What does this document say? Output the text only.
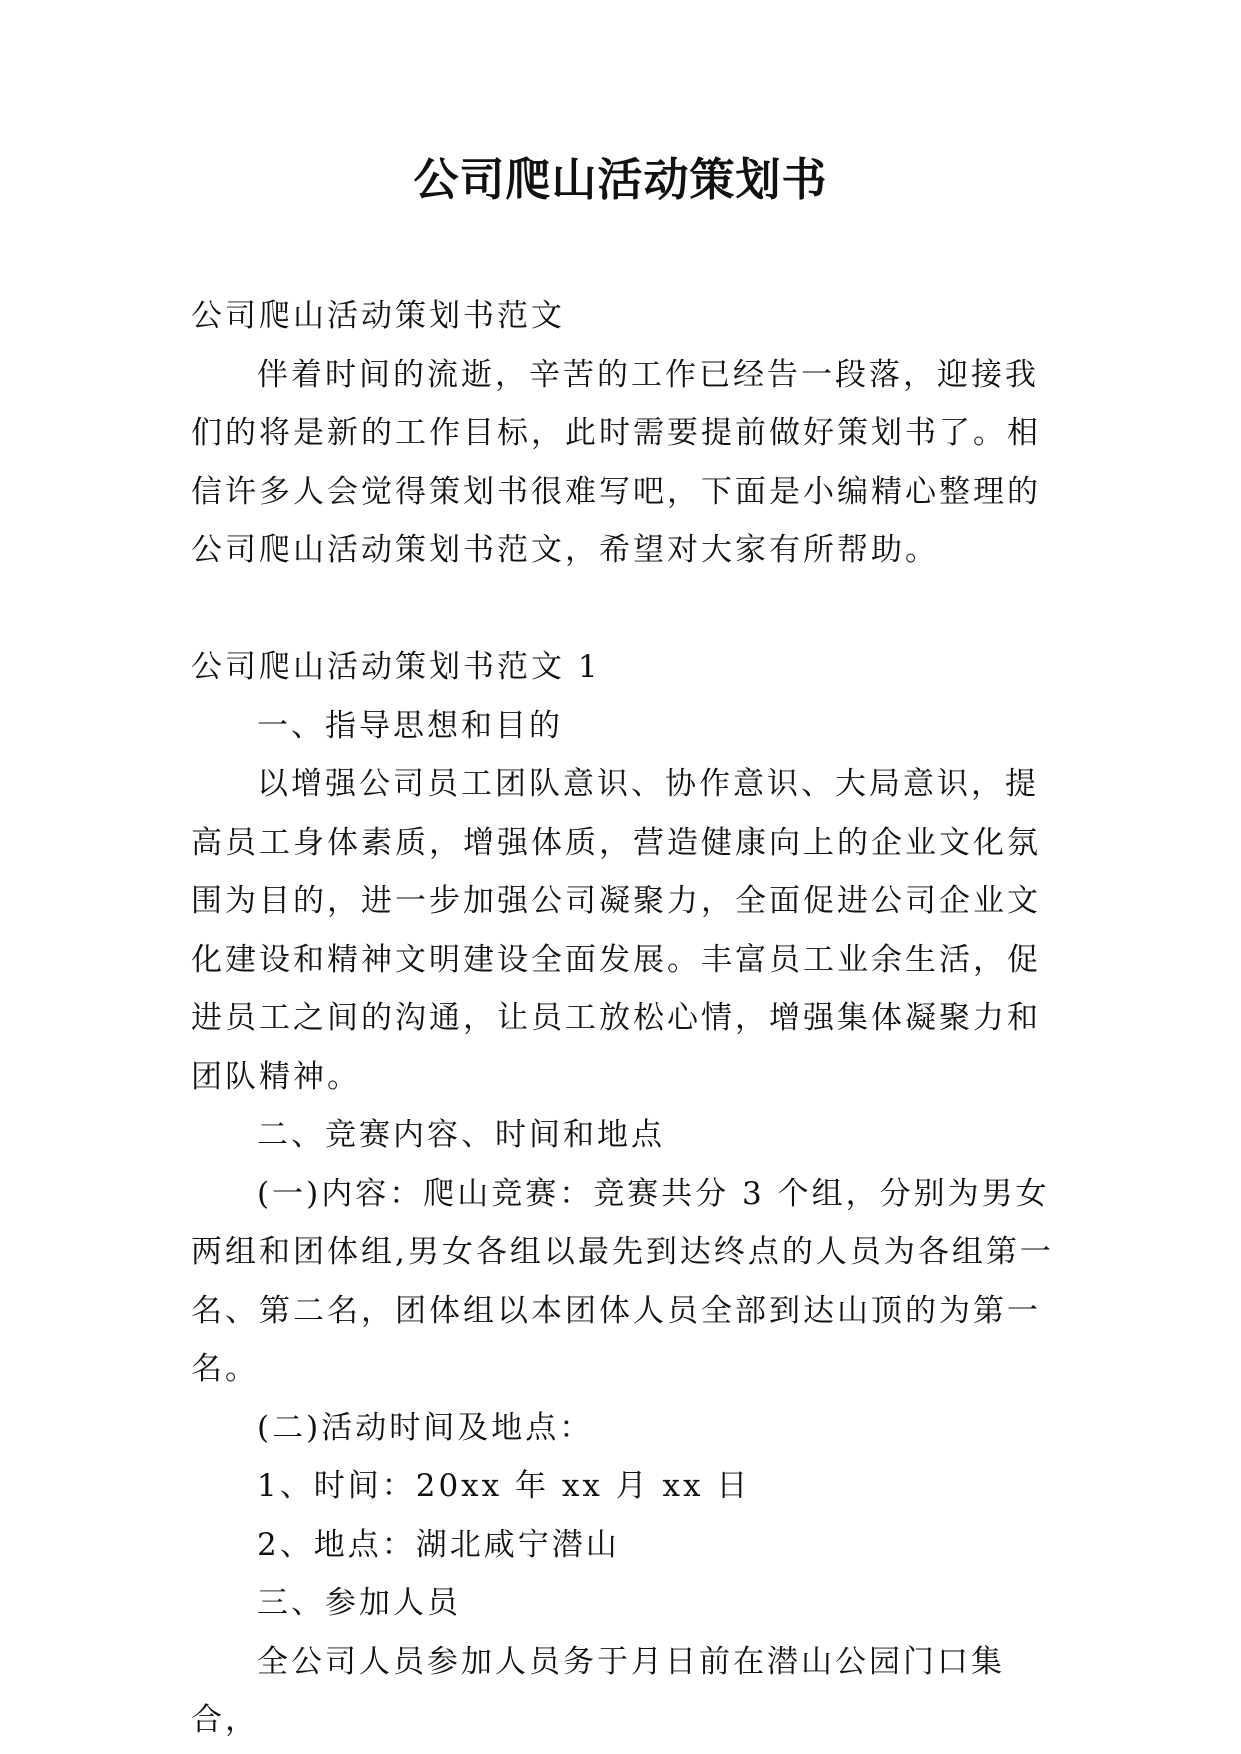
公司爬山活动策划书

公司爬山活动策划书范文

伴着时间的流逝，辛苦的工作已经告一段落，迎接我们的将是新的工作目标，此时需要提前做好策划书了。相信许多人会觉得策划书很难写吧，下面是小编精心整理的公司爬山活动策划书范文，希望对大家有所帮助。

公司爬山活动策划书范文 1

一、指导思想和目的

以增强公司员工团队意识、协作意识、大局意识，提高员工身体素质，增强体质，营造健康向上的企业文化氛围为目的，进一步加强公司凝聚力，全面促进公司企业文化建设和精神文明建设全面发展。丰富员工业余生活，促进员工之间的沟通，让员工放松心情，增强集体凝聚力和团队精神。

二、竞赛内容、时间和地点

(一)内容：爬山竞赛：竞赛共分 3 个组，分别为男女两组和团体组,男女各组以最先到达终点的人员为各组第一名、第二名，团体组以本团体人员全部到达山顶的为第一名。

(二)活动时间及地点：

1、时间：20xx 年 xx 月 xx 日

2、地点：湖北咸宁潜山

三、参加人员

全公司人员参加人员务于月日前在潜山公园门口集合，
